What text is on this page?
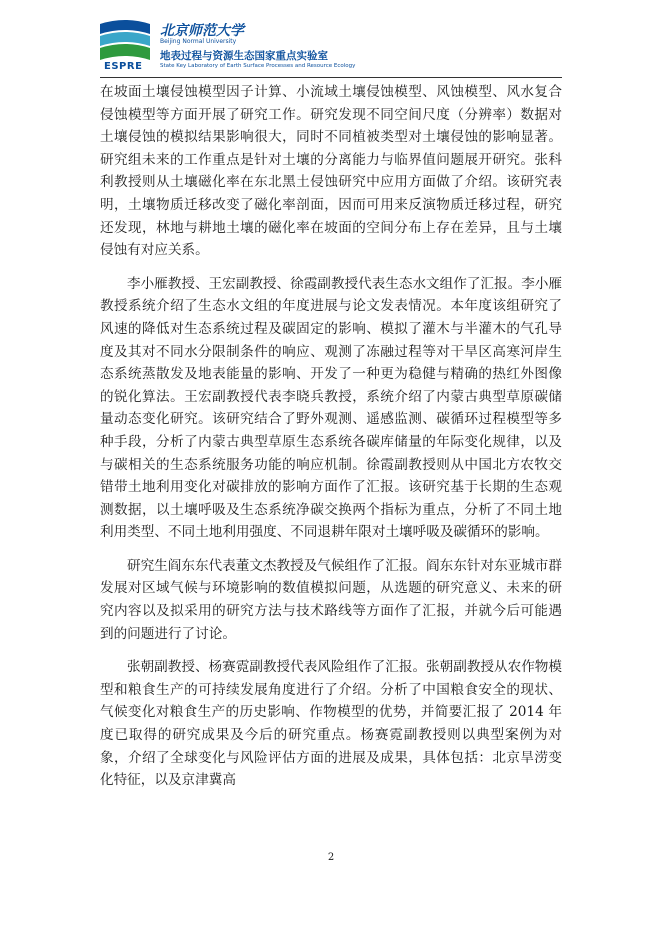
ESPRE
北京师范大学
Beijing Normal University
地表过程与资源生态国家重点实验室
State Key Laboratory of Earth Surface Processes and Resource Ecology

在坡面土壤侵蚀模型因子计算、小流域土壤侵蚀模型、风蚀模型、风水复合侵蚀模型等方面开展了研究工作。研究发现不同空间尺度（分辨率）数据对土壤侵蚀的模拟结果影响很大，同时不同植被类型对土壤侵蚀的影响显著。研究组未来的工作重点是针对土壤的分离能力与临界值问题展开研究。张科利教授则从土壤磁化率在东北黑土侵蚀研究中应用方面做了介绍。该研究表明，土壤物质迁移改变了磁化率剖面，因而可用来反演物质迁移过程，研究还发现，林地与耕地土壤的磁化率在坡面的空间分布上存在差异，且与土壤侵蚀有对应关系。

李小雁教授、王宏副教授、徐霞副教授代表生态水文组作了汇报。李小雁教授系统介绍了生态水文组的年度进展与论文发表情况。本年度该组研究了风速的降低对生态系统过程及碳固定的影响、模拟了灌木与半灌木的气孔导度及其对不同水分限制条件的响应、观测了冻融过程等对干旱区高寒河岸生态系统蒸散发及地表能量的影响、开发了一种更为稳健与精确的热红外图像的锐化算法。王宏副教授代表李晓兵教授，系统介绍了内蒙古典型草原碳储量动态变化研究。该研究结合了野外观测、遥感监测、碳循环过程模型等多种手段，分析了内蒙古典型草原生态系统各碳库储量的年际变化规律，以及与碳相关的生态系统服务功能的响应机制。徐霞副教授则从中国北方农牧交错带土地利用变化对碳排放的影响方面作了汇报。该研究基于长期的生态观测数据，以土壤呼吸及生态系统净碳交换两个指标为重点，分析了不同土地利用类型、不同土地利用强度、不同退耕年限对土壤呼吸及碳循环的影响。

研究生阎东东代表董文杰教授及气候组作了汇报。阎东东针对东亚城市群发展对区域气候与环境影响的数值模拟问题，从选题的研究意义、未来的研究内容以及拟采用的研究方法与技术路线等方面作了汇报，并就今后可能遇到的问题进行了讨论。

张朝副教授、杨赛霓副教授代表风险组作了汇报。张朝副教授从农作物模型和粮食生产的可持续发展角度进行了介绍。分析了中国粮食安全的现状、气候变化对粮食生产的历史影响、作物模型的优势，并简要汇报了 2014 年度已取得的研究成果及今后的研究重点。杨赛霓副教授则以典型案例为对象，介绍了全球变化与风险评估方面的进展及成果，具体包括：北京旱涝变化特征，以及京津冀高

2
